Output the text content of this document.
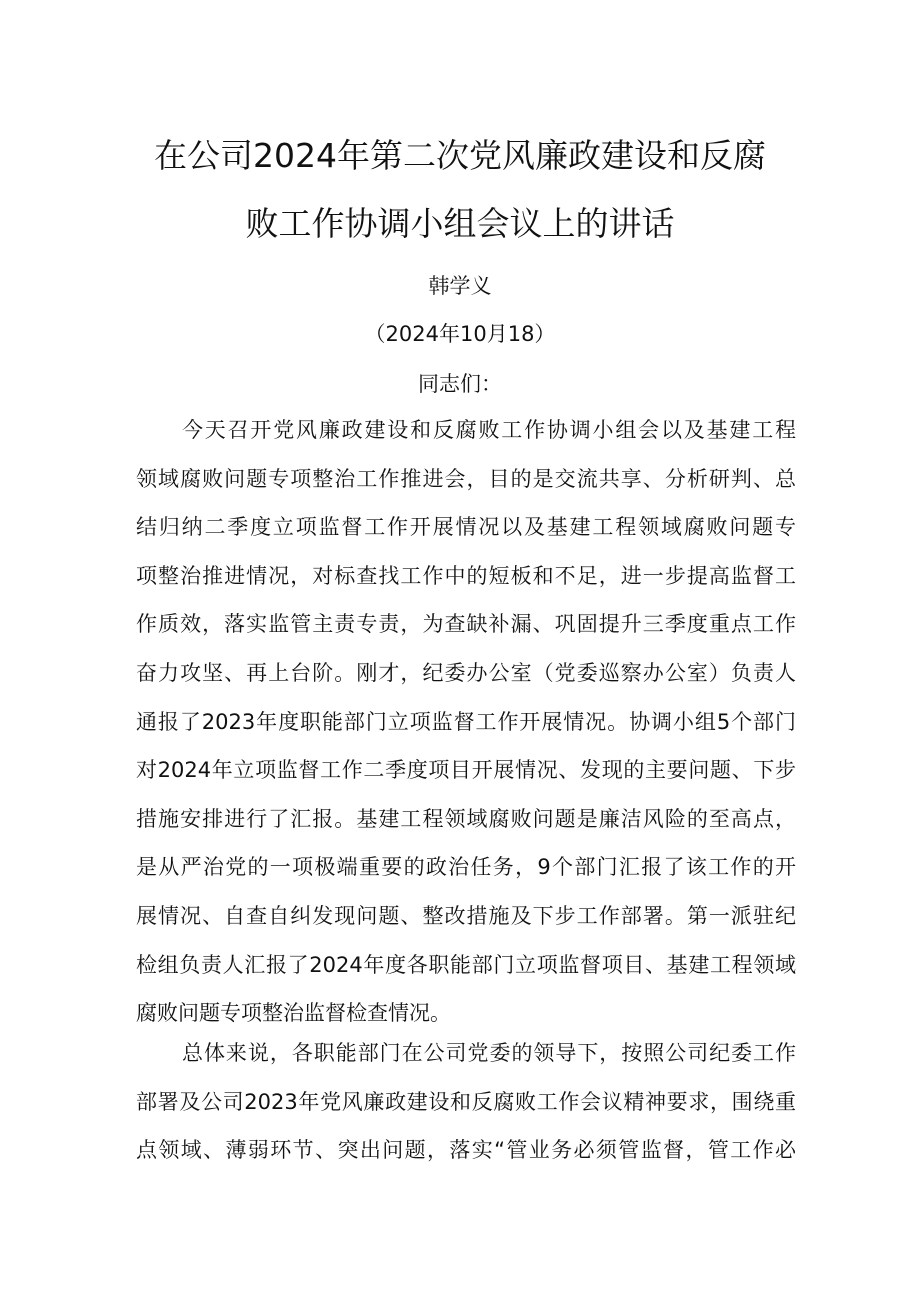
在公司2024年第二次党风廉政建设和反腐
败工作协调小组会议上的讲话
韩学义
（2024年10月18）
同志们：
今天召开党风廉政建设和反腐败工作协调小组会以及基建工程
领域腐败问题专项整治工作推进会，目的是交流共享、分析研判、总
结归纳二季度立项监督工作开展情况以及基建工程领域腐败问题专
项整治推进情况，对标查找工作中的短板和不足，进一步提高监督工
作质效，落实监管主责专责，为查缺补漏、巩固提升三季度重点工作
奋力攻坚、再上台阶。刚才，纪委办公室（党委巡察办公室）负责人
通报了2023年度职能部门立项监督工作开展情况。协调小组5个部门
对2024年立项监督工作二季度项目开展情况、发现的主要问题、下步
措施安排进行了汇报。基建工程领域腐败问题是廉洁风险的至高点，
是从严治党的一项极端重要的政治任务，9个部门汇报了该工作的开
展情况、自查自纠发现问题、整改措施及下步工作部署。第一派驻纪
检组负责人汇报了2024年度各职能部门立项监督项目、基建工程领域
腐败问题专项整治监督检查情况。
总体来说，各职能部门在公司党委的领导下，按照公司纪委工作
部署及公司2023年党风廉政建设和反腐败工作会议精神要求，围绕重
点领域、薄弱环节、突出问题，落实“管业务必须管监督，管工作必
